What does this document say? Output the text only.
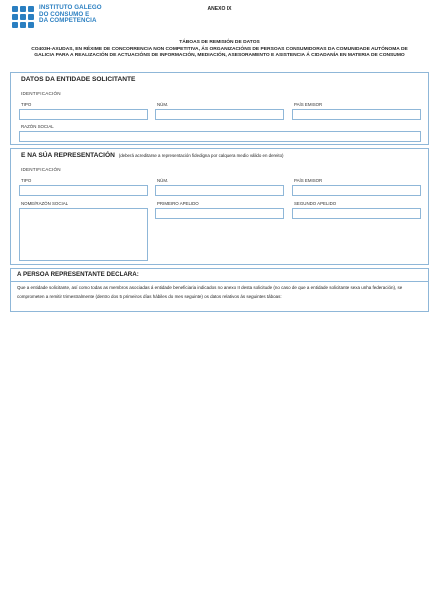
INSTITUTO GALEGO
DO CONSUMO E
DA COMPETENCIA
ANEXO IX
TÁBOAS DE REMISIÓN DE DATOS
CO403H-AXUDAS, EN RÉXIME DE CONCORRENCIA NON COMPETITIVA, ÁS ORGANIZACIÓNS DE PERSOAS CONSUMIDORAS DA COMUNIDADE AUTÓNOMA DE
GALICIA PARA A REALIZACIÓN DE ACTUACIÓNS DE INFORMACIÓN, MEDIACIÓN, ASESORAMENTO E ASISTENCIA Á CIDADANÍA EN MATERIA DE CONSUMO
DATOS DA ENTIDADE SOLICITANTE
IDENTIFICACIÓN
TIPO	NÚM.	PAÍS EMISOR
RAZÓN SOCIAL
E NA SÚA REPRESENTACIÓN (deberá acreditarse a representación fidedigna por calquera medio válido en dereito)
IDENTIFICACIÓN
TIPO	NÚM.	PAÍS EMISOR
NOME/RAZÓN SOCIAL	PRIMEIRO APELIDO	SEGUNDO APELIDO
A PERSOA REPRESENTANTE DECLARA:
Que a entidade solicitante, así como todas as membros asociadas á entidade beneficiaria indicados no anexo II desta solicitude (no caso de que a entidade solicitante sexa unha federación), se comprometen a remitir trimestralmente (dentro dos 5 primeiros días hábiles do mes seguinte) os datos relativos ás seguintes táboas:
